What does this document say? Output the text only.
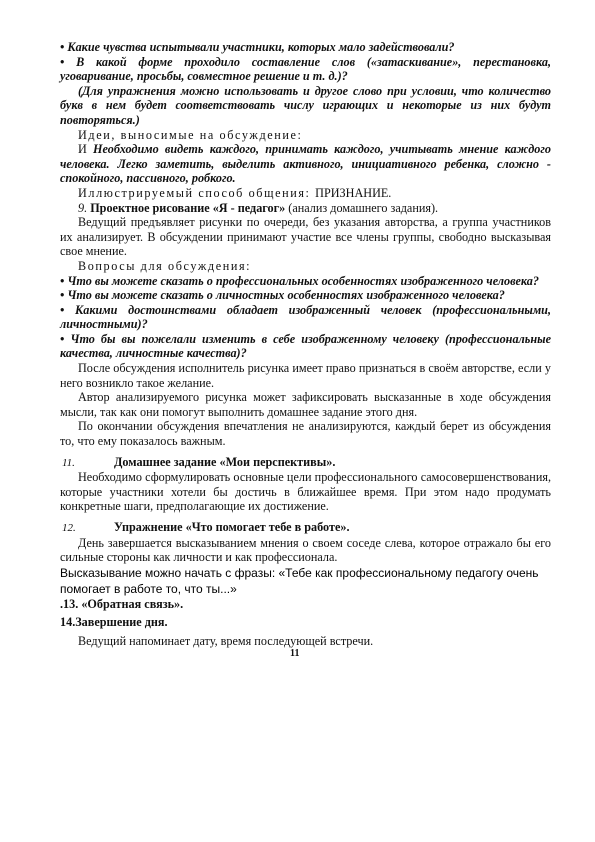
• Какие чувства испытывали участники, которых мало задействовали?

• В какой форме проходило составление слов («затаскивание», перестановка, уговаривание, просьбы, совместное решение и т. д.)?

(Для упражнения можно использовать и другое слово при условии, что количество букв в нем будет соответствовать числу играющих и некоторые из них будут повторяться.)

Идеи, выносимые на обсуждение:

И Необходимо видеть каждого, принимать каждого, учитывать мнение каждого человека. Легко заметить, выделить активного, инициативного ребенка, сложно - спокойного, пассивного, робкого.

Иллюстрируемый способ общения: ПРИЗНАНИЕ.

9. Проектное рисование «Я - педагог» (анализ домашнего задания).

Ведущий предъявляет рисунки по очереди, без указания авторства, а группа участников их анализирует. В обсуждении принимают участие все члены группы, свободно высказывая свое мнение.

Вопросы для обсуждения:

• Что вы можете сказать о профессиональных особенностях изображенного человека?

• Что вы можете сказать о личностных особенностях изображенного человека?

• Какими достоинствами обладает изображенный человек (профессиональными, личностными)?

• Что бы вы пожелали изменить в себе изображенному человеку (профессиональные качества, личностные качества)?

После обсуждения исполнитель рисунка имеет право признаться в своём авторстве, если у него возникло такое желание.

Автор анализируемого рисунка может зафиксировать высказанные в ходе обсуждения мысли, так как они помогут выполнить домашнее задание этого дня.

По окончании обсуждения впечатления не анализируются, каждый берет из обсуждения то, что ему показалось важным.

11.	Домашнее задание «Мои перспективы».

Необходимо сформулировать основные цели профессионального самосовершенствования, которые участники хотели бы достичь в ближайшее время. При этом надо продумать конкретные шаги, предполагающие их достижение.

12.	Упражнение «Что помогает тебе в работе».

День завершается высказыванием мнения о своем соседе слева, которое отражало бы его сильные стороны как личности и как профессионала.

Высказывание можно начать с фразы: «Тебе как профессиональному педагогу очень помогает в работе то, что ты...»

.13. «Обратная связь».

14.Завершение дня.

Ведущий напоминает дату, время последующей встречи.

11
